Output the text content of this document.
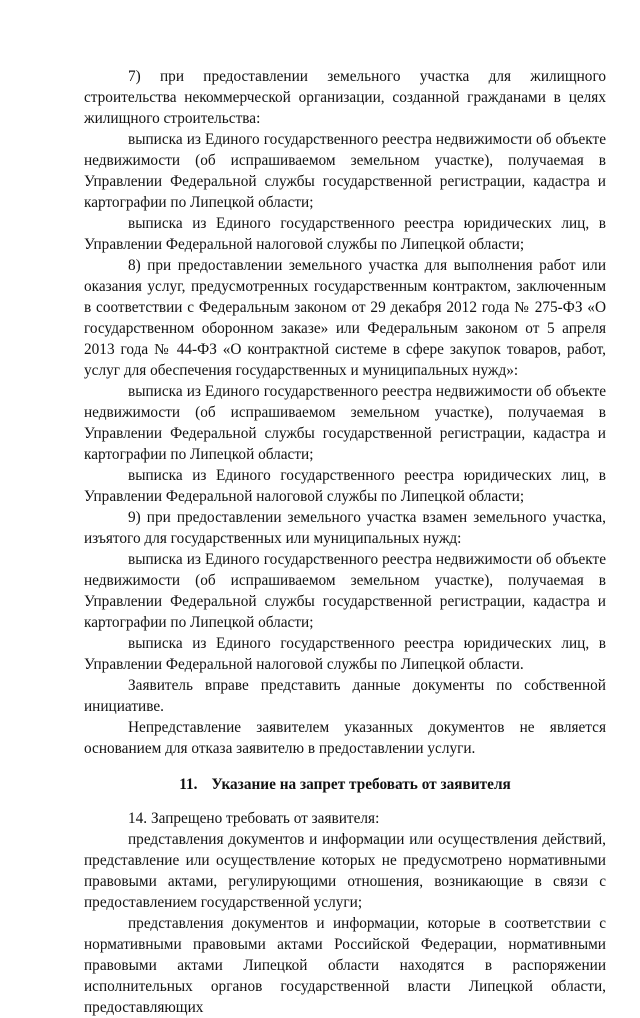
7) при предоставлении земельного участка для жилищного строительства некоммерческой организации, созданной гражданами в целях жилищного строительства:

выписка из Единого государственного реестра недвижимости об объекте недвижимости (об испрашиваемом земельном участке), получаемая в Управлении Федеральной службы государственной регистрации, кадастра и картографии по Липецкой области;

выписка из Единого государственного реестра юридических лиц, в Управлении Федеральной налоговой службы по Липецкой области;

8) при предоставлении земельного участка для выполнения работ или оказания услуг, предусмотренных государственным контрактом, заключенным в соответствии с Федеральным законом от 29 декабря 2012 года № 275-ФЗ «О государственном оборонном заказе» или Федеральным законом от 5 апреля 2013 года № 44-ФЗ «О контрактной системе в сфере закупок товаров, работ, услуг для обеспечения государственных и муниципальных нужд»:

выписка из Единого государственного реестра недвижимости об объекте недвижимости (об испрашиваемом земельном участке), получаемая в Управлении Федеральной службы государственной регистрации, кадастра и картографии по Липецкой области;

выписка из Единого государственного реестра юридических лиц, в Управлении Федеральной налоговой службы по Липецкой области;

9) при предоставлении земельного участка взамен земельного участка, изъятого для государственных или муниципальных нужд:

выписка из Единого государственного реестра недвижимости об объекте недвижимости (об испрашиваемом земельном участке), получаемая в Управлении Федеральной службы государственной регистрации, кадастра и картографии по Липецкой области;

выписка из Единого государственного реестра юридических лиц, в Управлении Федеральной налоговой службы по Липецкой области.

Заявитель вправе представить данные документы по собственной инициативе.

Непредставление заявителем указанных документов не является основанием для отказа заявителю в предоставлении услуги.

11. Указание на запрет требовать от заявителя

14. Запрещено требовать от заявителя:

представления документов и информации или осуществления действий, представление или осуществление которых не предусмотрено нормативными правовыми актами, регулирующими отношения, возникающие в связи с предоставлением государственной услуги;

представления документов и информации, которые в соответствии с нормативными правовыми актами Российской Федерации, нормативными правовыми актами Липецкой области находятся в распоряжении исполнительных органов государственной власти Липецкой области, предоставляющих
